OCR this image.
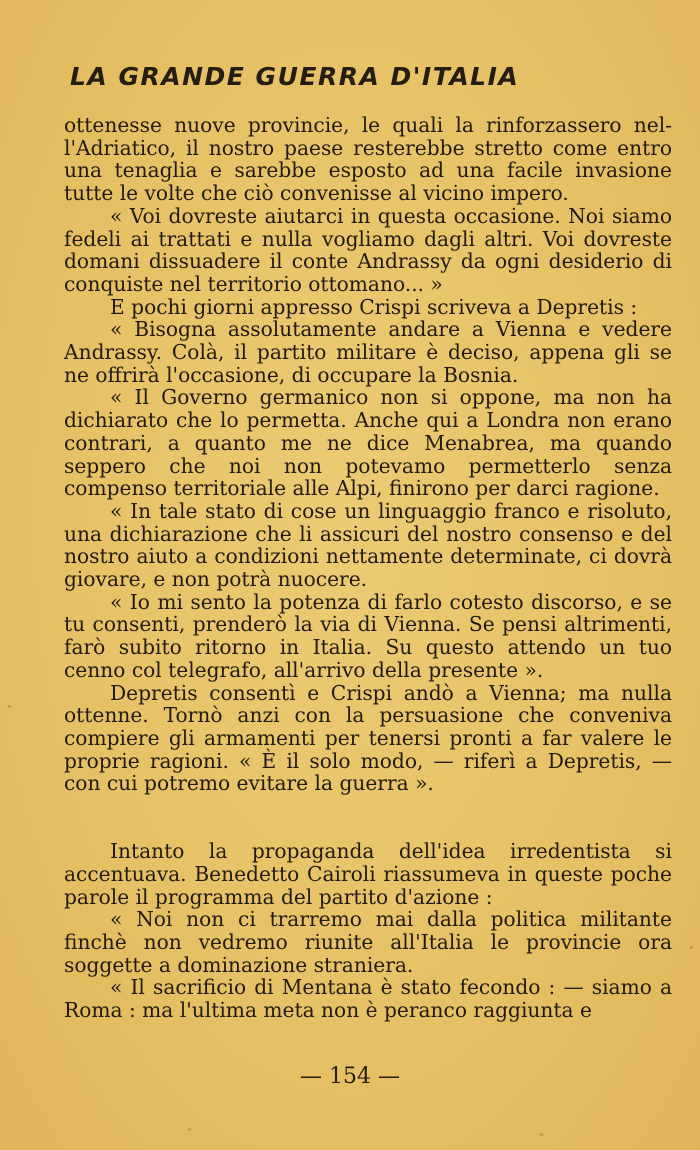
LA GRANDE GUERRA D'ITALIA

ottenesse nuove provincie, le quali la rinforzassero nel-l'Adriatico, il nostro paese resterebbe stretto come entro una tenaglia e sarebbe esposto ad una facile invasione tutte le volte che ciò convenisse al vicino impero.

« Voi dovreste aiutarci in questa occasione. Noi siamo fedeli ai trattati e nulla vogliamo dagli altri. Voi dovreste domani dissuadere il conte Andrassy da ogni desiderio di conquiste nel territorio ottomano... »

E pochi giorni appresso Crispi scriveva a Depretis :

« Bisogna assolutamente andare a Vienna e vedere Andrassy. Colà, il partito militare è deciso, appena gli se ne offrirà l'occasione, di occupare la Bosnia.

« Il Governo germanico non si oppone, ma non ha dichiarato che lo permetta. Anche qui a Londra non erano contrari, a quanto me ne dice Menabrea, ma quando seppero che noi non potevamo permetterlo senza compenso territoriale alle Alpi, finirono per darci ragione.

« In tale stato di cose un linguaggio franco e risoluto, una dichiarazione che li assicuri del nostro consenso e del nostro aiuto a condizioni nettamente determinate, ci dovrà giovare, e non potrà nuocere.

« Io mi sento la potenza di farlo cotesto discorso, e se tu consenti, prenderò la via di Vienna. Se pensi altrimenti, farò subito ritorno in Italia. Su questo attendo un tuo cenno col telegrafo, all'arrivo della presente ».

Depretis consentì e Crispi andò a Vienna; ma nulla ottenne. Tornò anzi con la persuasione che conveniva compiere gli armamenti per tenersi pronti a far valere le proprie ragioni. « È il solo modo, — riferì a Depretis, — con cui potremo evitare la guerra ».

Intanto la propaganda dell'idea irredentista si accentuava. Benedetto Cairoli riassumeva in queste poche parole il programma del partito d'azione :

« Noi non ci trarremo mai dalla politica militante finchè non vedremo riunite all'Italia le provincie ora soggette a dominazione straniera.

« Il sacrificio di Mentana è stato fecondo : — siamo a Roma : ma l'ultima meta non è peranco raggiunta e

— 154 —
